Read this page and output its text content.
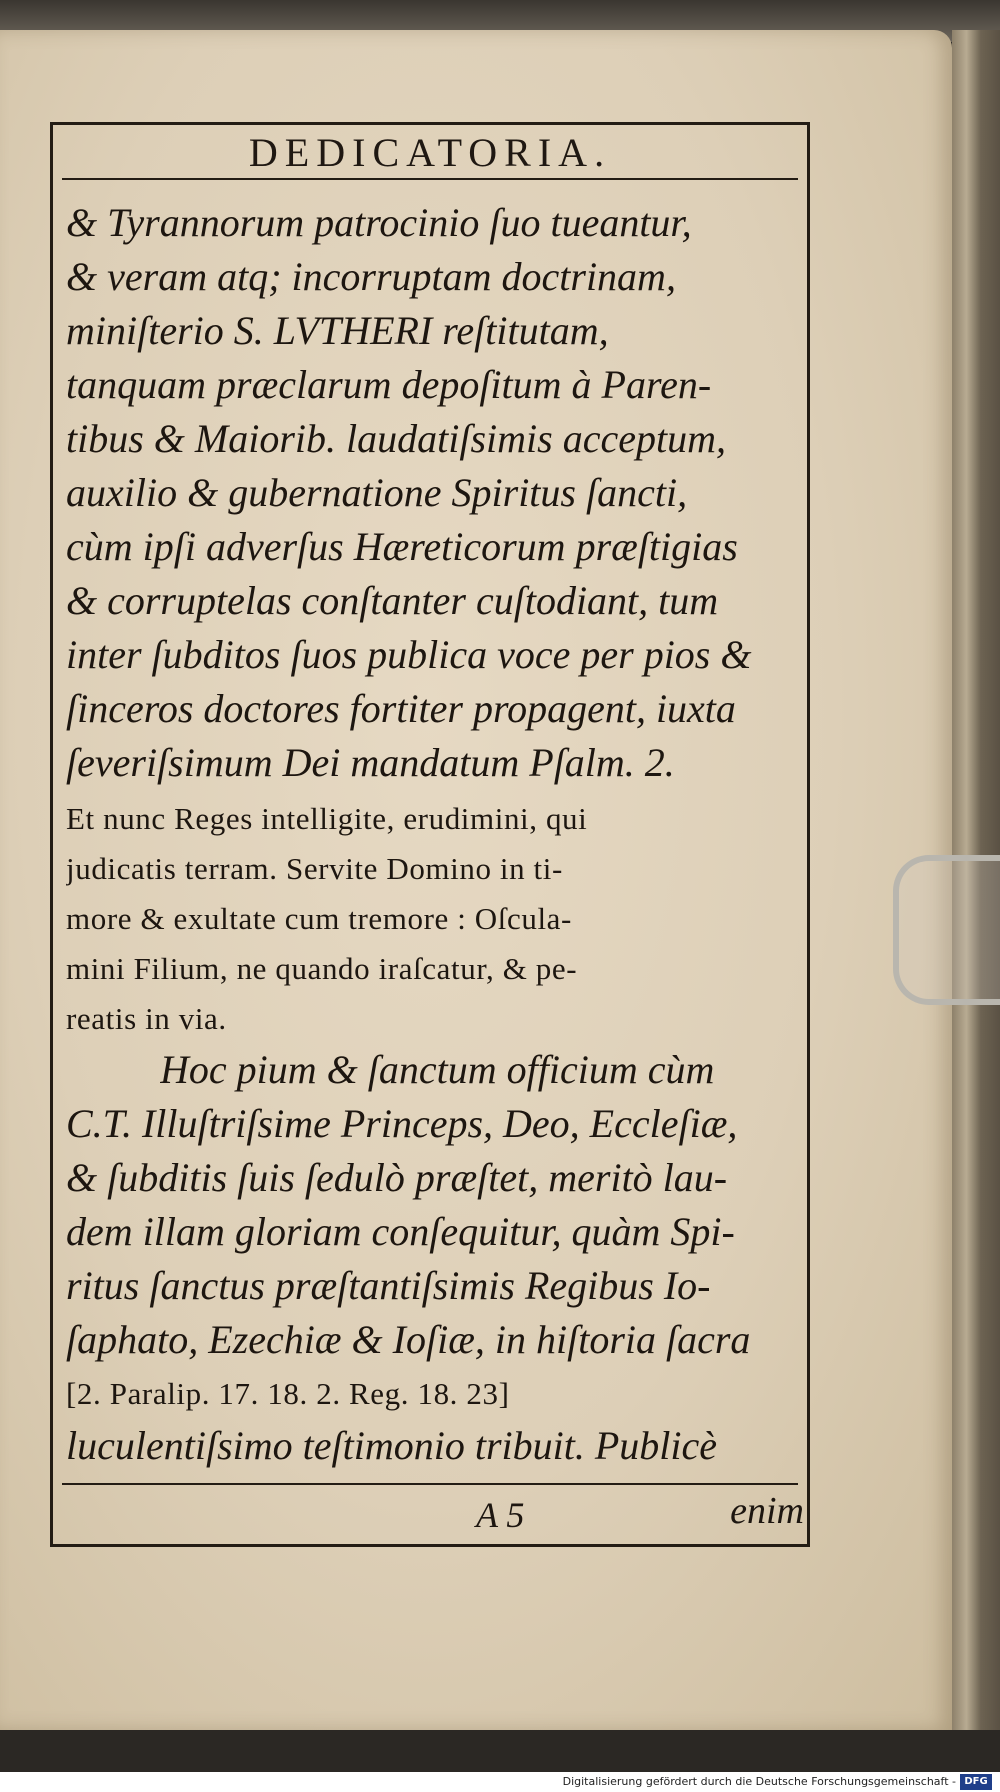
DEDICATORIA.
& Tyrannorum patrocinio ſuo tueantur,
& veram atq; incorruptam doctrinam,
miniſterio S. LVTHERI reſtitutam,
tanquam præclarum depoſitum à Paren-
tibus & Maiorib. laudatiſsimis acceptum,
auxilio & gubernatione Spiritus ſancti,
cùm ipſi adverſus Hæreticorum præſtigias
& corruptelas conſtanter cuſtodiant, tum
inter ſubditos ſuos publica voce per pios &
ſinceros doctores fortiter propagent, iuxta
ſeveriſsimum Dei mandatum Pſalm. 2.
Et nunc Reges intelligite, erudimini, qui
judicatis terram. Servite Domino in ti-
more & exultate cum tremore : Oſcula-
mini Filium, ne quando iraſcatur, & pe-
reatis in via.
Hoc pium & ſanctum officium cùm
C.T. Illuſtriſsime Princeps, Deo, Eccleſiæ,
& ſubditis ſuis ſedulò præſtet, meritò lau-
dem illam gloriam conſequitur, quàm Spi-
ritus ſanctus præſtantiſsimis Regibus Io-
ſaphato, Ezechiæ & Ioſiæ, in hiſtoria ſacra
[2. Paralip. 17. 18. 2. Reg. 18. 23]
luculentiſsimo teſtimonio tribuit. Publicè
A 5	enim
Digitalisierung gefördert durch die Deutsche Forschungsgemeinschaft - DFG
